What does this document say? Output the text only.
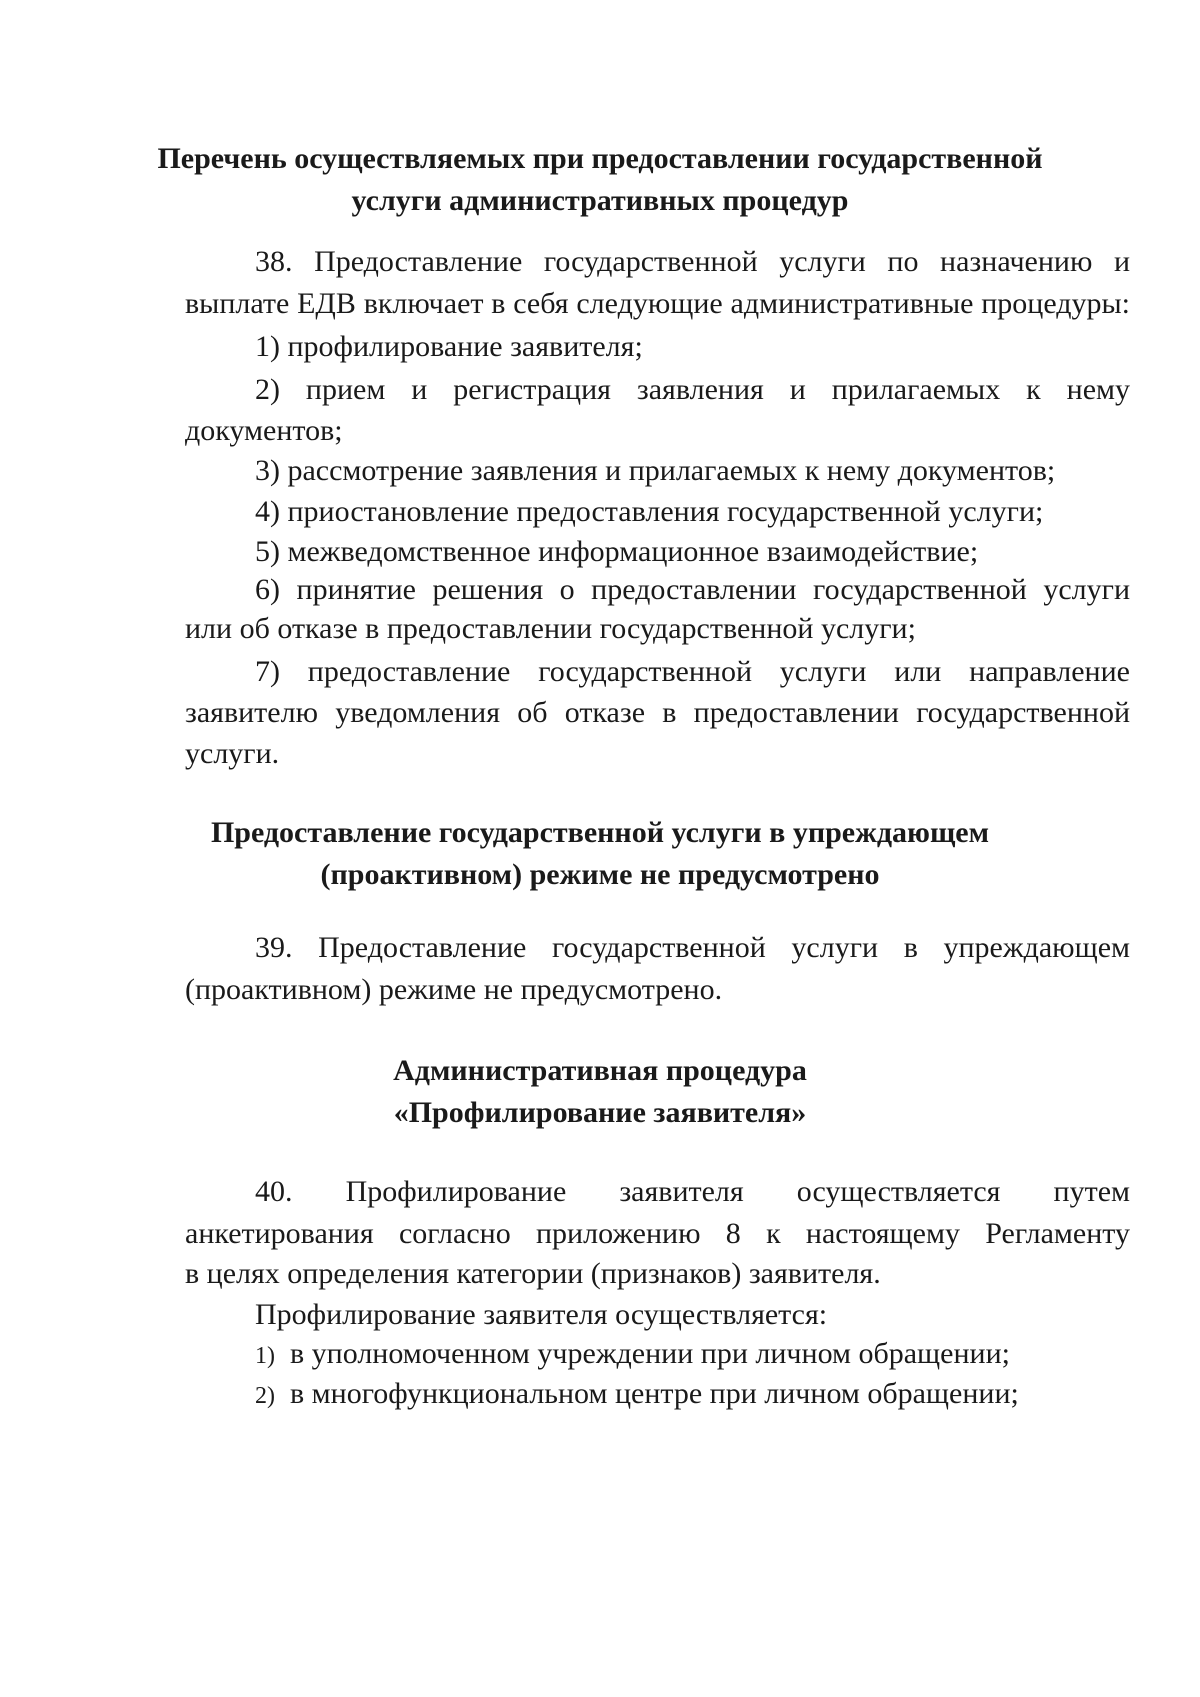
Перечень осуществляемых при предоставлении государственной
услуги административных процедур

38. Предоставление государственной услуги по назначению и

выплате ЕДВ включает в себя следующие административные процедуры:

1) профилирование заявителя;

2) прием и регистрация заявления и прилагаемых к нему

документов;

3) рассмотрение заявления и прилагаемых к нему документов;

4) приостановление предоставления государственной услуги;

5) межведомственное информационное взаимодействие;

6) принятие решения о предоставлении государственной услуги

или об отказе в предоставлении государственной услуги;

7) предоставление государственной услуги или направление

заявителю уведомления об отказе в предоставлении государственной

услуги.

Предоставление государственной услуги в упреждающем
(проактивном) режиме не предусмотрено

39. Предоставление государственной услуги в упреждающем

(проактивном) режиме не предусмотрено.

Административная процедура
«Профилирование заявителя»

40. Профилирование заявителя осуществляется путем

анкетирования согласно приложению 8 к настоящему Регламенту

в целях определения категории (признаков) заявителя.

Профилирование заявителя осуществляется:

1) в уполномоченном учреждении при личном обращении;

2) в многофункциональном центре при личном обращении;
